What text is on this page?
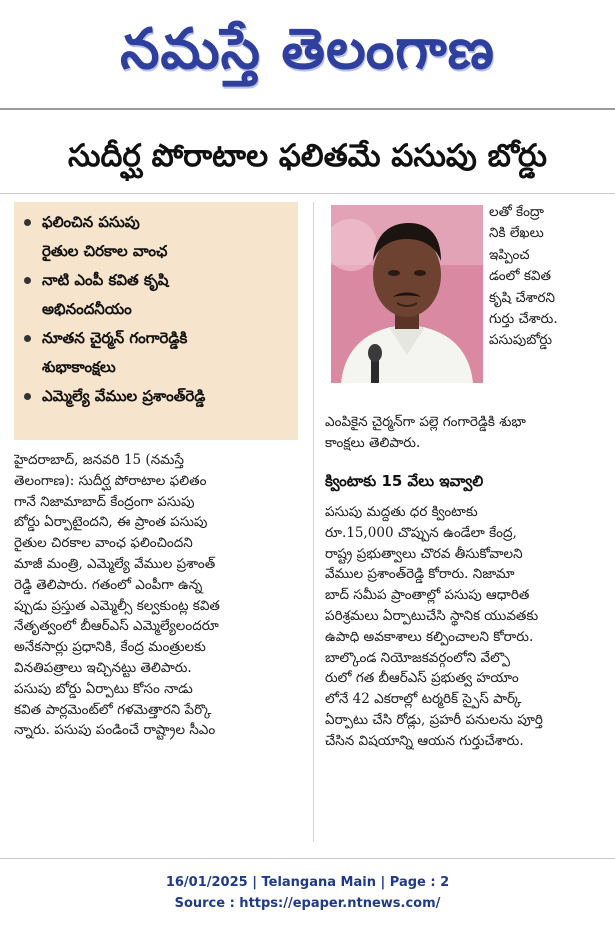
నమస్తే తెలంగాణ
సుదీర్ఘ పోరాటాల ఫలితమే పసుపు బోర్డు
ఫలించిన పసుపు
రైతుల చిరకాల వాంఛ
నాటి ఎంపీ కవిత కృషి
అభినందనీయం
నూతన చైర్మన్ గంగారెడ్డికి
శుభాకాంక్షలు
ఎమ్మెల్యే వేముల ప్రశాంత్‌రెడ్డి
హైదరాబాద్, జనవరి 15 (నమస్తే
తెలంగాణ): సుదీర్ఘ పోరాటాల ఫలితం
గానే నిజామాబాద్ కేంద్రంగా పసుపు
బోర్డు ఏర్పాటైందని, ఈ ప్రాంత పసుపు
రైతుల చిరకాల వాంఛ ఫలించిందని
మాజీ మంత్రి, ఎమ్మెల్యే వేముల ప్రశాంత్
రెడ్డి తెలిపారు. గతంలో ఎంపీగా ఉన్న
ప్పుడు ప్రస్తుత ఎమ్మెల్సీ కల్వకుంట్ల కవిత
నేతృత్వంలో బీఆర్ఎస్ ఎమ్మెల్యేలందరూ
అనేకసార్లు ప్రధానికి, కేంద్ర మంత్రులకు
వినతిపత్రాలు ఇచ్చినట్టు తెలిపారు.
పసుపు బోర్డు ఏర్పాటు కోసం నాడు
కవిత పార్లమెంట్‌లో గళమెత్తారని పేర్కొ
న్నారు. పసుపు పండించే రాష్ట్రాల సీఎం
లతో కేంద్రా
నికి లేఖలు
ఇప్పించ
డంలో కవిత
కృషి చేశారని
గుర్తు చేశారు.
పసుపుబోర్డు
ఎంపికైన చైర్మన్‌గా పల్లె గంగారెడ్డికి శుభా
కాంక్షలు తెలిపారు.
క్వింటాకు 15 వేలు ఇవ్వాలి
పసుపు మద్దతు ధర క్వింటాకు
రూ.15,000 చొప్పున ఉండేలా కేంద్ర,
రాష్ట్ర ప్రభుత్వాలు చొరవ తీసుకోవాలని
వేముల ప్రశాంత్‌రెడ్డి కోరారు. నిజామా
బాద్ సమీప ప్రాంతాల్లో పసుపు ఆధారిత
పరిశ్రమలు ఏర్పాటుచేసి స్థానిక యువతకు
ఉపాధి అవకాశాలు కల్పించాలని కోరారు.
బాల్కొండ నియోజకవర్గంలోని వేల్పొ
రులో గత బీఆర్ఎస్ ప్రభుత్వ హయాం
లోనే 42 ఎకరాల్లో టర్మరిక్ స్పైస్ పార్క్
ఏర్పాటు చేసి రోడ్లు, ప్రహరీ పనులను పూర్తి
చేసిన విషయాన్ని ఆయన గుర్తుచేశారు.
16/01/2025 | Telangana Main | Page : 2
Source : https://epaper.ntnews.com/
